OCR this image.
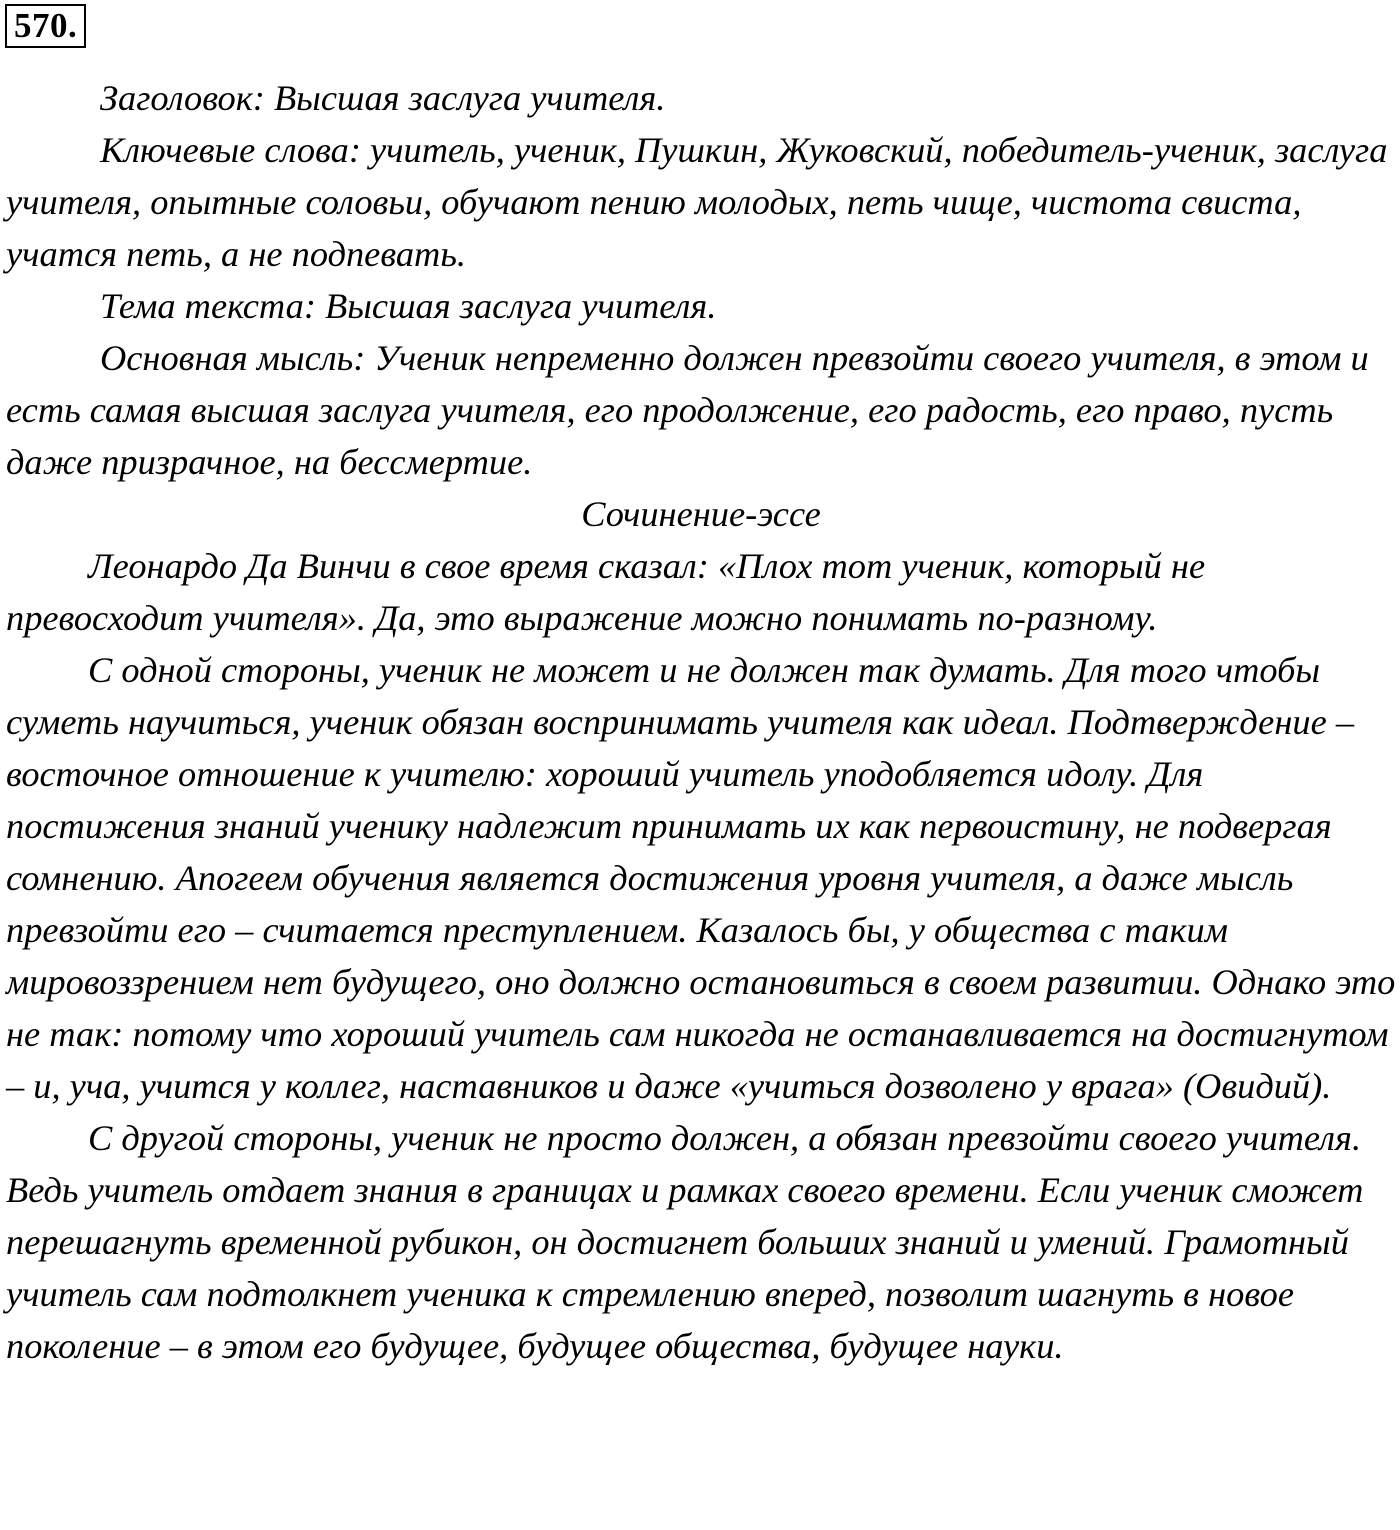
570.

Заголовок: Высшая заслуга учителя.

Ключевые слова: учитель, ученик, Пушкин, Жуковский, победитель-ученик, заслуга учителя, опытные соловьи, обучают пению молодых, петь чище, чистота свиста, учатся петь, а не подпевать.

Тема текста: Высшая заслуга учителя.

Основная мысль: Ученик непременно должен превзойти своего учителя, в этом и есть самая высшая заслуга учителя, его продолжение, его радость, его право, пусть даже призрачное, на бессмертие.

Сочинение-эссе

Леонардо Да Винчи в свое время сказал: «Плох тот ученик, который не превосходит учителя». Да, это выражение можно понимать по-разному.

С одной стороны, ученик не может и не должен так думать. Для того чтобы суметь научиться, ученик обязан воспринимать учителя как идеал. Подтверждение – восточное отношение к учителю: хороший учитель уподобляется идолу. Для постижения знаний ученику надлежит принимать их как первоистину, не подвергая сомнению. Апогеем обучения является достижения уровня учителя, а даже мысль превзойти его – считается преступлением. Казалось бы, у общества с таким мировоззрением нет будущего, оно должно остановиться в своем развитии. Однако это не так: потому что хороший учитель сам никогда не останавливается на достигнутом – и, уча, учится у коллег, наставников и даже «учиться дозволено у врага» (Овидий).

С другой стороны, ученик не просто должен, а обязан превзойти своего учителя. Ведь учитель отдает знания в границах и рамках своего времени. Если ученик сможет перешагнуть временной рубикон, он достигнет больших знаний и умений. Грамотный учитель сам подтолкнет ученика к стремлению вперед, позволит шагнуть в новое поколение – в этом его будущее, будущее общества, будущее науки.
